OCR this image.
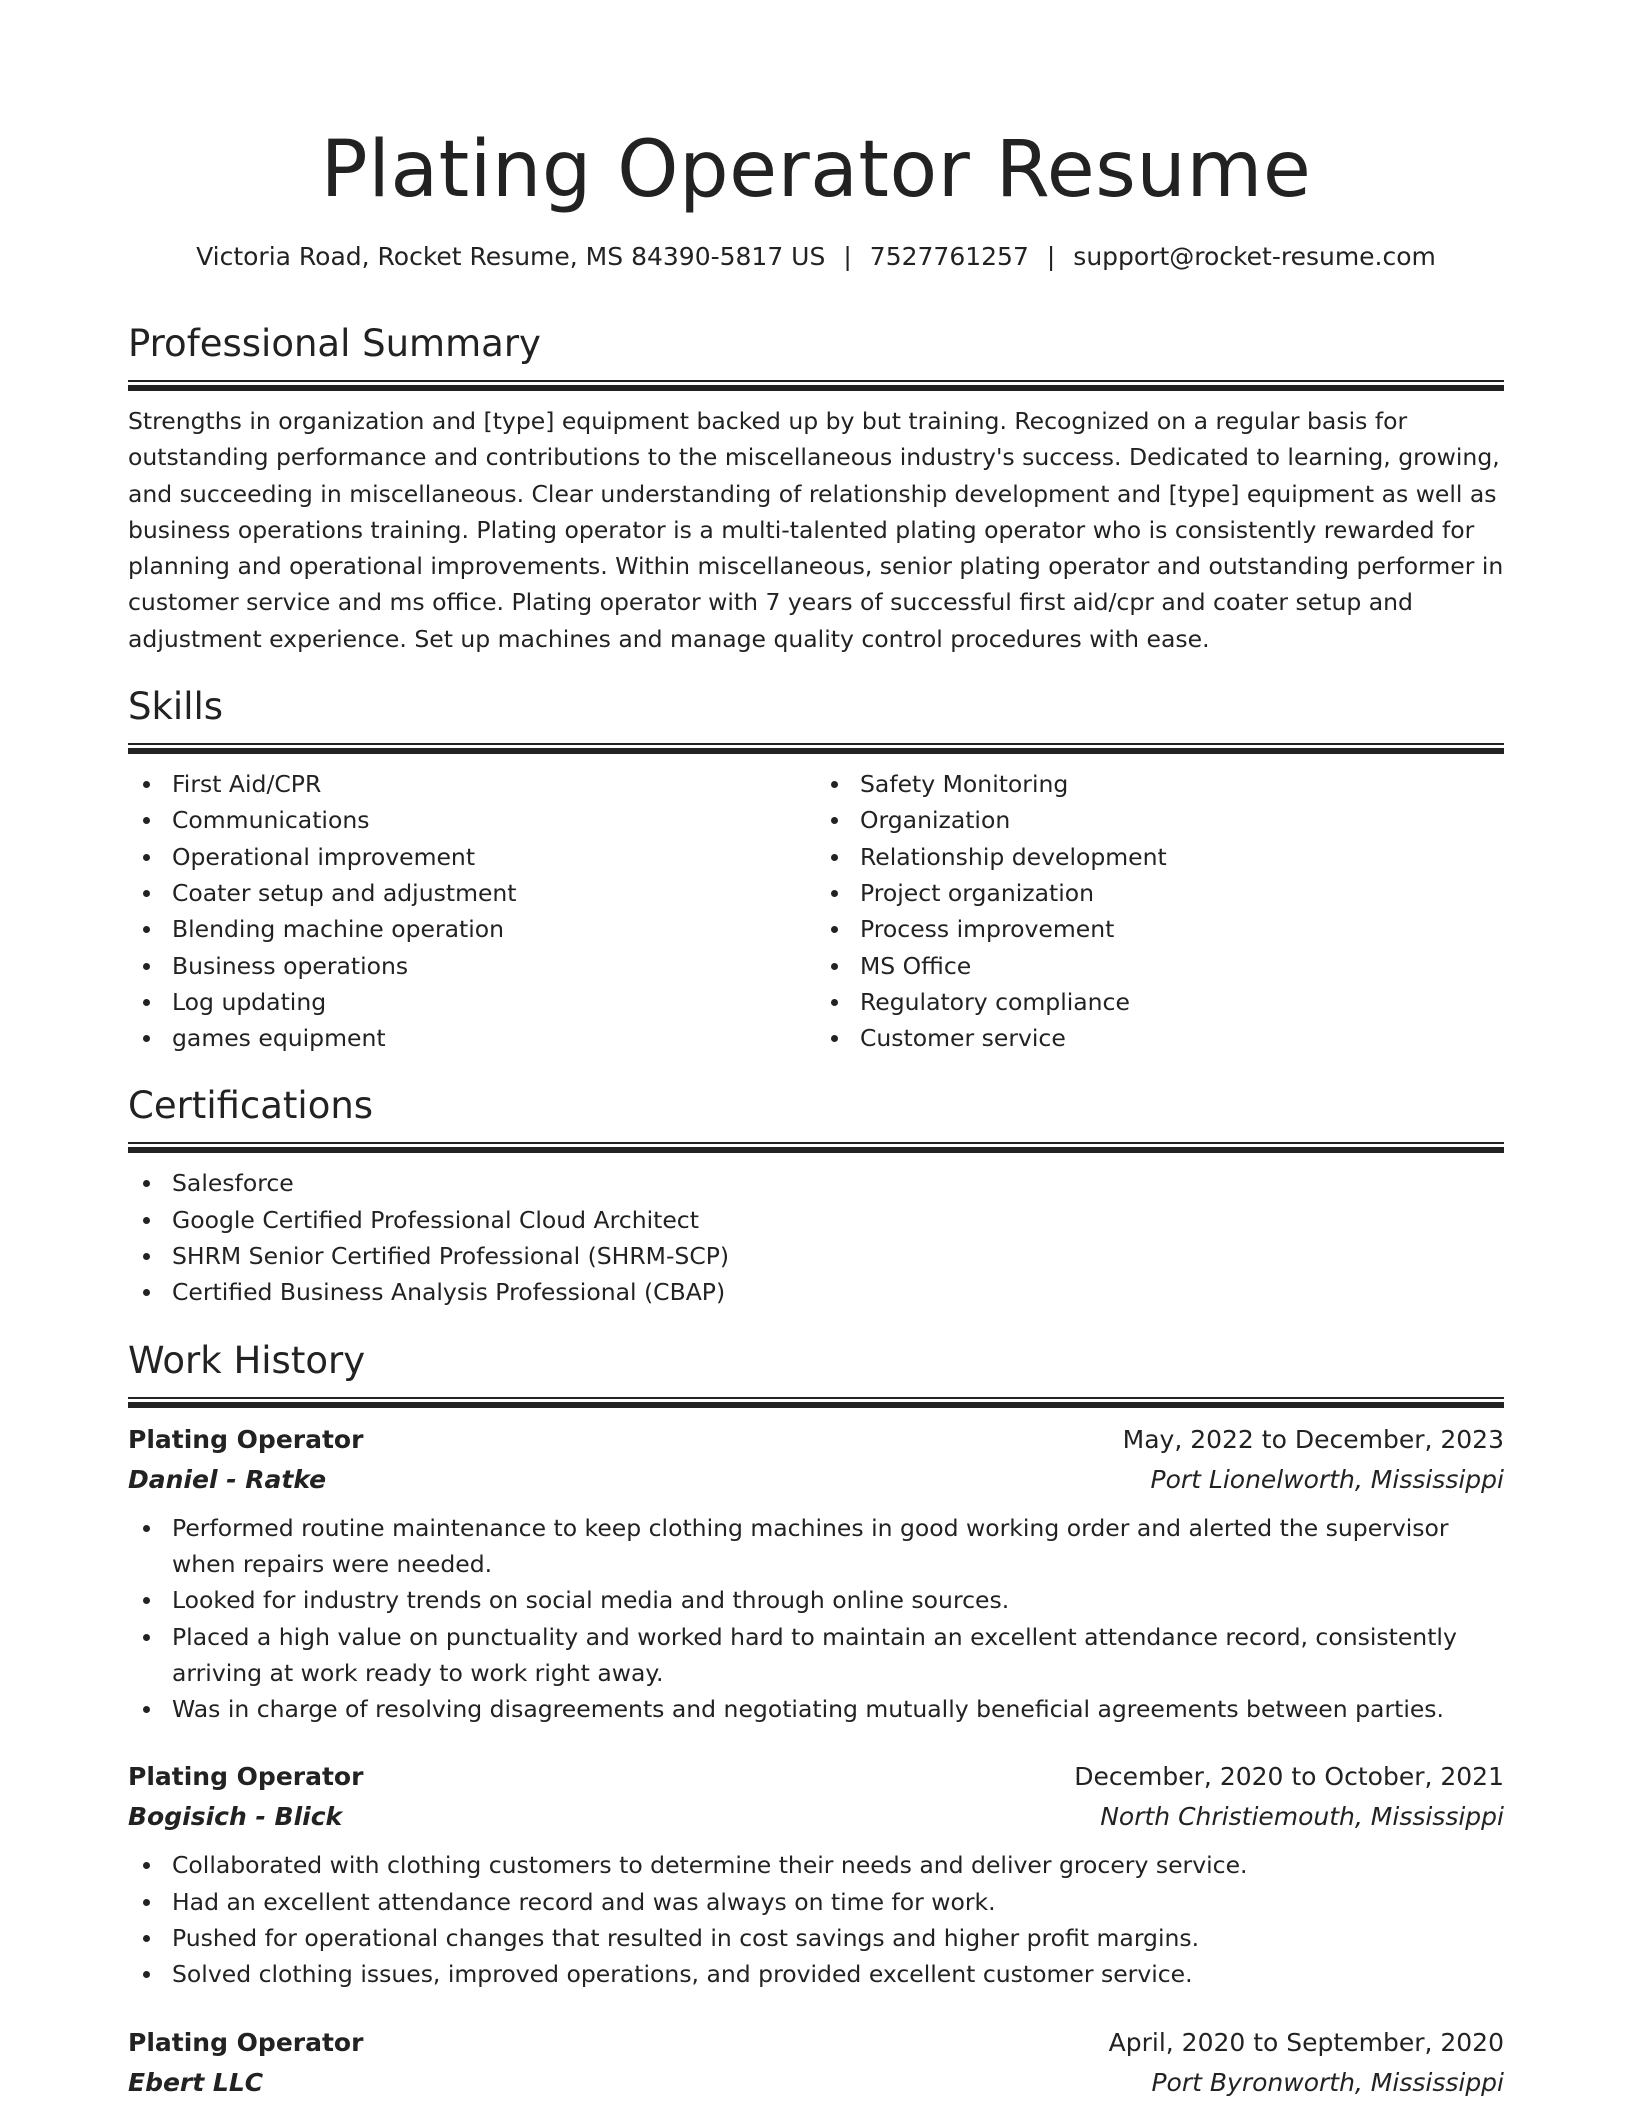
Plating Operator Resume
Victoria Road, Rocket Resume, MS 84390-5817 US | 7527761257 | support@rocket-resume.com
Professional Summary

Strengths in organization and [type] equipment backed up by but training. Recognized on a regular basis for outstanding performance and contributions to the miscellaneous industry's success. Dedicated to learning, growing, and succeeding in miscellaneous. Clear understanding of relationship development and [type] equipment as well as business operations training. Plating operator is a multi-talented plating operator who is consistently rewarded for planning and operational improvements. Within miscellaneous, senior plating operator and outstanding performer in customer service and ms office. Plating operator with 7 years of successful first aid/cpr and coater setup and adjustment experience. Set up machines and manage quality control procedures with ease.

Skills
First Aid/CPR
Communications
Operational improvement
Coater setup and adjustment
Blending machine operation
Business operations
Log updating
games equipment
Safety Monitoring
Organization
Relationship development
Project organization
Process improvement
MS Office
Regulatory compliance
Customer service
Certifications
Salesforce
Google Certified Professional Cloud Architect
SHRM Senior Certified Professional (SHRM-SCP)
Certified Business Analysis Professional (CBAP)
Work History
Plating Operator	May, 2022 to December, 2023
Daniel - Ratke	Port Lionelworth, Mississippi
Performed routine maintenance to keep clothing machines in good working order and alerted the supervisor when repairs were needed.
Looked for industry trends on social media and through online sources.
Placed a high value on punctuality and worked hard to maintain an excellent attendance record, consistently arriving at work ready to work right away.
Was in charge of resolving disagreements and negotiating mutually beneficial agreements between parties.
Plating Operator	December, 2020 to October, 2021
Bogisich - Blick	North Christiemouth, Mississippi
Collaborated with clothing customers to determine their needs and deliver grocery service.
Had an excellent attendance record and was always on time for work.
Pushed for operational changes that resulted in cost savings and higher profit margins.
Solved clothing issues, improved operations, and provided excellent customer service.
Plating Operator	April, 2020 to September, 2020
Ebert LLC	Port Byronworth, Mississippi
